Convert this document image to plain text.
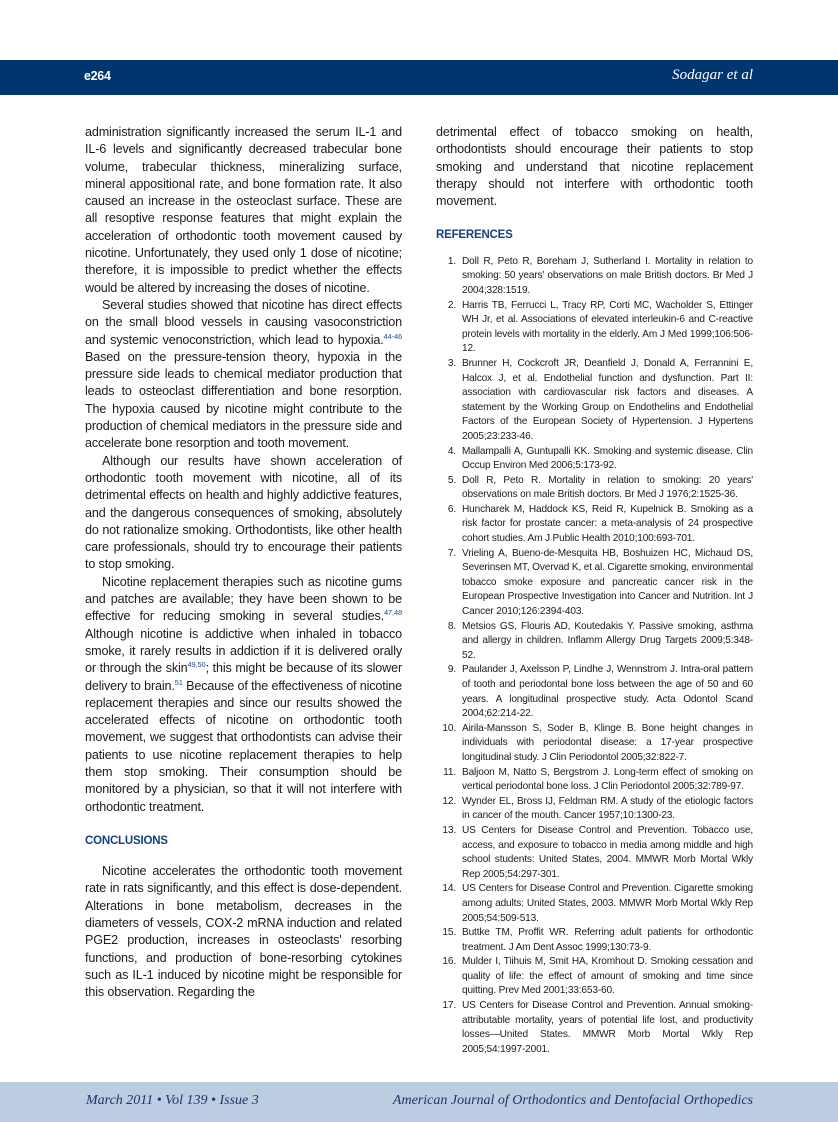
e264	Sodagar et al

administration significantly increased the serum IL-1 and IL-6 levels and significantly decreased trabecular bone volume, trabecular thickness, mineralizing surface, mineral appositional rate, and bone formation rate. It also caused an increase in the osteoclast surface. These are all resoptive response features that might explain the acceleration of orthodontic tooth movement caused by nicotine. Unfortunately, they used only 1 dose of nicotine; therefore, it is impossible to predict whether the effects would be altered by increasing the doses of nicotine.

Several studies showed that nicotine has direct effects on the small blood vessels in causing vasoconstriction and systemic venoconstriction, which lead to hypoxia.$^{44-46}$ Based on the pressure-tension theory, hypoxia in the pressure side leads to chemical mediator production that leads to osteoclast differentiation and bone resorption. The hypoxia caused by nicotine might contribute to the production of chemical mediators in the pressure side and accelerate bone resorption and tooth movement.

Although our results have shown acceleration of orthodontic tooth movement with nicotine, all of its detrimental effects on health and highly addictive features, and the dangerous consequences of smoking, absolutely do not rationalize smoking. Orthodontists, like other health care professionals, should try to encourage their patients to stop smoking.

Nicotine replacement therapies such as nicotine gums and patches are available; they have been shown to be effective for reducing smoking in several studies.$^{47,48}$ Although nicotine is addictive when inhaled in tobacco smoke, it rarely results in addiction if it is delivered orally or through the skin$^{49,50}$; this might be because of its slower delivery to brain.$^{51}$ Because of the effectiveness of nicotine replacement therapies and since our results showed the accelerated effects of nicotine on orthodontic tooth movement, we suggest that orthodontists can advise their patients to use nicotine replacement therapies to help them stop smoking. Their consumption should be monitored by a physician, so that it will not interfere with orthodontic treatment.

CONCLUSIONS

Nicotine accelerates the orthodontic tooth movement rate in rats significantly, and this effect is dose-dependent. Alterations in bone metabolism, decreases in the diameters of vessels, COX-2 mRNA induction and related PGE2 production, increases in osteoclasts' resorbing functions, and production of bone-resorbing cytokines such as IL-1 induced by nicotine might be responsible for this observation. Regarding the

detrimental effect of tobacco smoking on health, orthodontists should encourage their patients to stop smoking and understand that nicotine replacement therapy should not interfere with orthodontic tooth movement.

REFERENCES
1. Doll R, Peto R, Boreham J, Sutherland I. Mortality in relation to smoking: 50 years' observations on male British doctors. Br Med J 2004;328:1519.
2. Harris TB, Ferrucci L, Tracy RP, Corti MC, Wacholder S, Ettinger WH Jr, et al. Associations of elevated interleukin-6 and C-reactive protein levels with mortality in the elderly. Am J Med 1999;106:506-12.
3. Brunner H, Cockcroft JR, Deanfield J, Donald A, Ferrannini E, Halcox J, et al. Endothelial function and dysfunction. Part II: association with cardiovascular risk factors and diseases. A statement by the Working Group on Endothelins and Endothelial Factors of the European Society of Hypertension. J Hypertens 2005;23:233-46.
4. Mallampalli A, Guntupalli KK. Smoking and systemic disease. Clin Occup Environ Med 2006;5:173-92.
5. Doll R, Peto R. Mortality in relation to smoking: 20 years' observations on male British doctors. Br Med J 1976;2:1525-36.
6. Huncharek M, Haddock KS, Reid R, Kupelnick B. Smoking as a risk factor for prostate cancer: a meta-analysis of 24 prospective cohort studies. Am J Public Health 2010;100:693-701.
7. Vrieling A, Bueno-de-Mesquita HB, Boshuizen HC, Michaud DS, Severinsen MT, Overvad K, et al. Cigarette smoking, environmental tobacco smoke exposure and pancreatic cancer risk in the European Prospective Investigation into Cancer and Nutrition. Int J Cancer 2010;126:2394-403.
8. Metsios GS, Flouris AD, Koutedakis Y. Passive smoking, asthma and allergy in children. Inflamm Allergy Drug Targets 2009;5:348-52.
9. Paulander J, Axelsson P, Lindhe J, Wennstrom J. Intra-oral pattern of tooth and periodontal bone loss between the age of 50 and 60 years. A longitudinal prospective study. Acta Odontol Scand 2004;62:214-22.
10. Airila-Mansson S, Soder B, Klinge B. Bone height changes in individuals with periodontal disease: a 17-year prospective longitudinal study. J Clin Periodontol 2005;32:822-7.
11. Baljoon M, Natto S, Bergstrom J. Long-term effect of smoking on vertical periodontal bone loss. J Clin Periodontol 2005;32:789-97.
12. Wynder EL, Bross IJ, Feldman RM. A study of the etiologic factors in cancer of the mouth. Cancer 1957;10:1300-23.
13. US Centers for Disease Control and Prevention. Tobacco use, access, and exposure to tobacco in media among middle and high school students: United States, 2004. MMWR Morb Mortal Wkly Rep 2005;54:297-301.
14. US Centers for Disease Control and Prevention. Cigarette smoking among adults: United States, 2003. MMWR Morb Mortal Wkly Rep 2005;54:509-513.
15. Buttke TM, Proffit WR. Referring adult patients for orthodontic treatment. J Am Dent Assoc 1999;130:73-9.
16. Mulder I, Tiihuis M, Smit HA, Kromhout D. Smoking cessation and quality of life: the effect of amount of smoking and time since quitting. Prev Med 2001;33:653-60.
17. US Centers for Disease Control and Prevention. Annual smoking-attributable mortality, years of potential life lost, and productivity losses—United States. MMWR Morb Mortal Wkly Rep 2005;54:1997-2001.
March 2011 • Vol 139 • Issue 3	American Journal of Orthodontics and Dentofacial Orthopedics
